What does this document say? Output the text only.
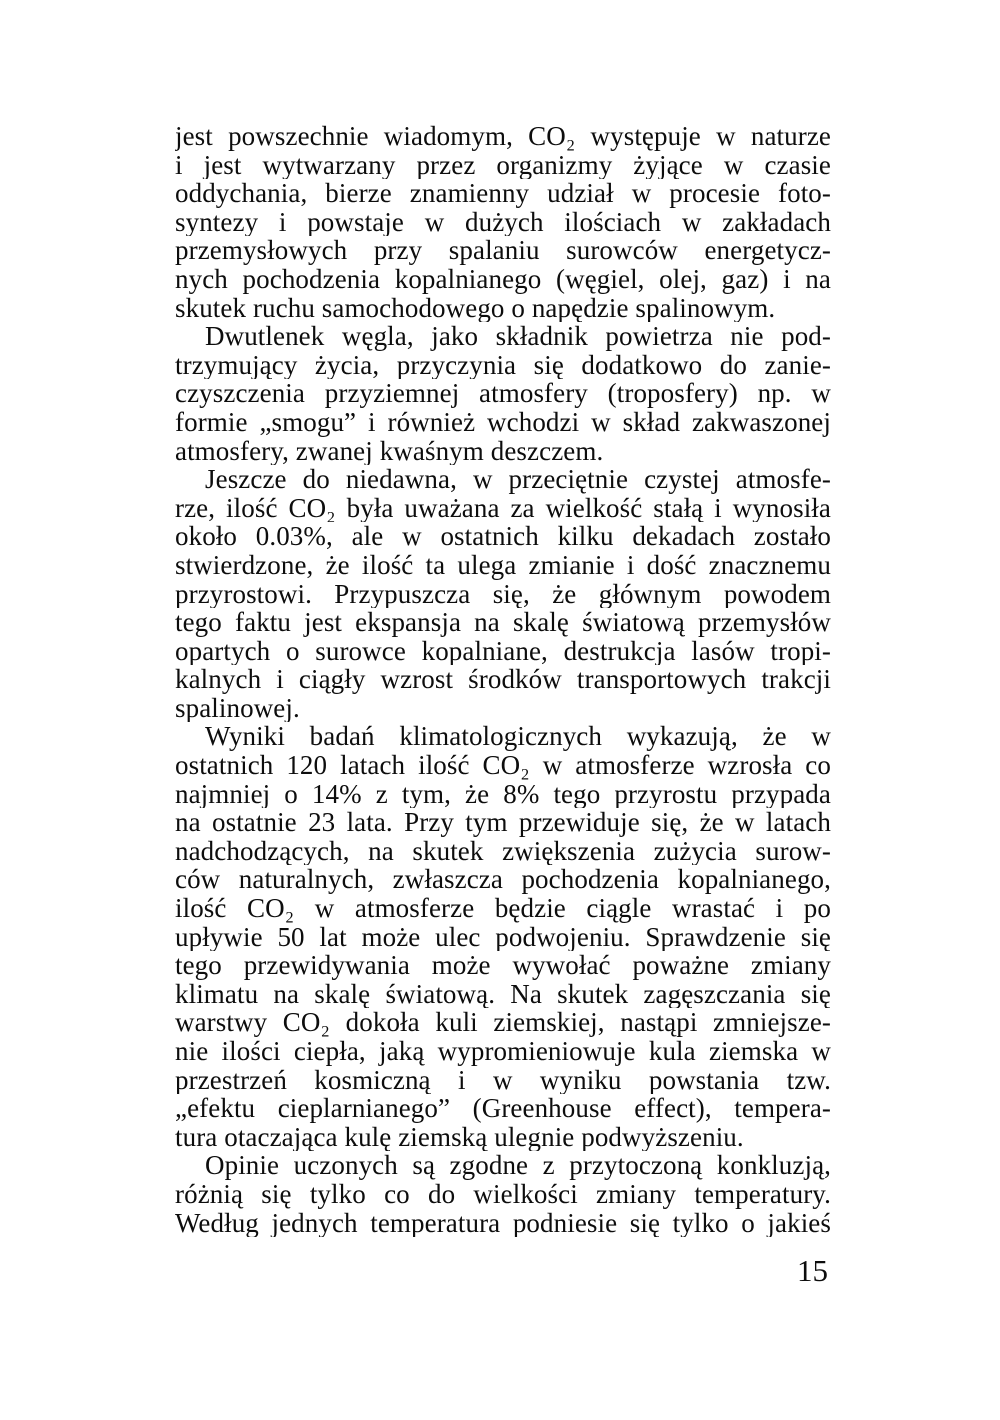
jest powszechnie wiadomym, CO₂ występuje w naturze
i jest wytwarzany przez organizmy żyjące w czasie
oddychania, bierze znamienny udział w procesie foto-
syntezy i powstaje w dużych ilościach w zakładach
przemysłowych przy spalaniu surowców energetycz-
nych pochodzenia kopalnianego (węgiel, olej, gaz) i na
skutek ruchu samochodowego o napędzie spalinowym.
Dwutlenek węgla, jako składnik powietrza nie pod-
trzymujący życia, przyczynia się dodatkowo do zanie-
czyszczenia przyziemnej atmosfery (troposfery) np. w
formie „smogu” i również wchodzi w skład zakwaszonej
atmosfery, zwanej kwaśnym deszczem.
Jeszcze do niedawna, w przeciętnie czystej atmosfe-
rze, ilość CO₂ była uważana za wielkość stałą i wynosiła
około 0.03%, ale w ostatnich kilku dekadach zostało
stwierdzone, że ilość ta ulega zmianie i dość znacznemu
przyrostowi. Przypuszcza się, że głównym powodem
tego faktu jest ekspansja na skalę światową przemysłów
opartych o surowce kopalniane, destrukcja lasów tropi-
kalnych i ciągły wzrost środków transportowych trakcji
spalinowej.
Wyniki badań klimatologicznych wykazują, że w
ostatnich 120 latach ilość CO₂ w atmosferze wzrosła co
najmniej o 14% z tym, że 8% tego przyrostu przypada
na ostatnie 23 lata. Przy tym przewiduje się, że w latach
nadchodzących, na skutek zwiększenia zużycia surow-
ców naturalnych, zwłaszcza pochodzenia kopalnianego,
ilość CO₂ w atmosferze będzie ciągle wrastać i po
upływie 50 lat może ulec podwojeniu. Sprawdzenie się
tego przewidywania może wywołać poważne zmiany
klimatu na skalę światową. Na skutek zagęszczania się
warstwy CO₂ dokoła kuli ziemskiej, nastąpi zmniejsze-
nie ilości ciepła, jaką wypromieniowuje kula ziemska w
przestrzeń kosmiczną i w wyniku powstania tzw.
„efektu cieplarnianego” (Greenhouse effect), tempera-
tura otaczająca kulę ziemską ulegnie podwyższeniu.
Opinie uczonych są zgodne z przytoczoną konkluzją,
różnią się tylko co do wielkości zmiany temperatury.
Według jednych temperatura podniesie się tylko o jakieś
15
